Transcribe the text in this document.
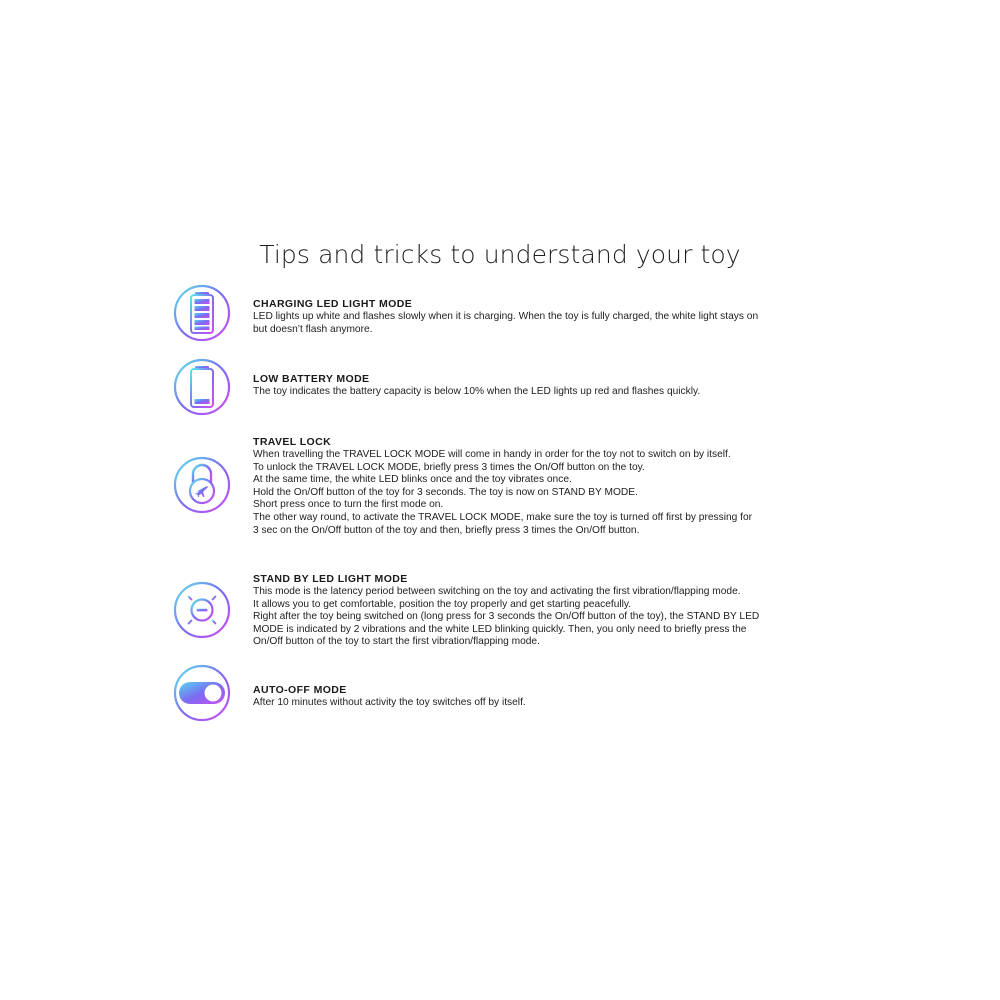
Tips and tricks to understand your toy
CHARGING LED LIGHT MODE
LED lights up white and flashes slowly when it is charging. When the toy is fully charged, the white light stays on
but doesn’t flash anymore.
LOW BATTERY MODE
The toy indicates the battery capacity is below 10% when the LED lights up red and flashes quickly.
TRAVEL LOCK
When travelling the TRAVEL LOCK MODE will come in handy in order for the toy not to switch on by itself.
To unlock the TRAVEL LOCK MODE, briefly press 3 times the On/Off button on the toy.
At the same time, the white LED blinks once and the toy vibrates once.
Hold the On/Off button of the toy for 3 seconds. The toy is now on STAND BY MODE.
Short press once to turn the first mode on.
The other way round, to activate the TRAVEL LOCK MODE, make sure the toy is turned off first by pressing for
3 sec on the On/Off button of the toy and then, briefly press 3 times the On/Off button.
STAND BY LED LIGHT MODE
This mode is the latency period between switching on the toy and activating the first vibration/flapping mode.
It allows you to get comfortable, position the toy properly and get starting peacefully.
Right after the toy being switched on (long press for 3 seconds the On/Off button of the toy), the STAND BY LED
MODE is indicated by 2 vibrations and the white LED blinking quickly. Then, you only need to briefly press the
On/Off button of the toy to start the first vibration/flapping mode.
AUTO-OFF MODE
After 10 minutes without activity the toy switches off by itself.
